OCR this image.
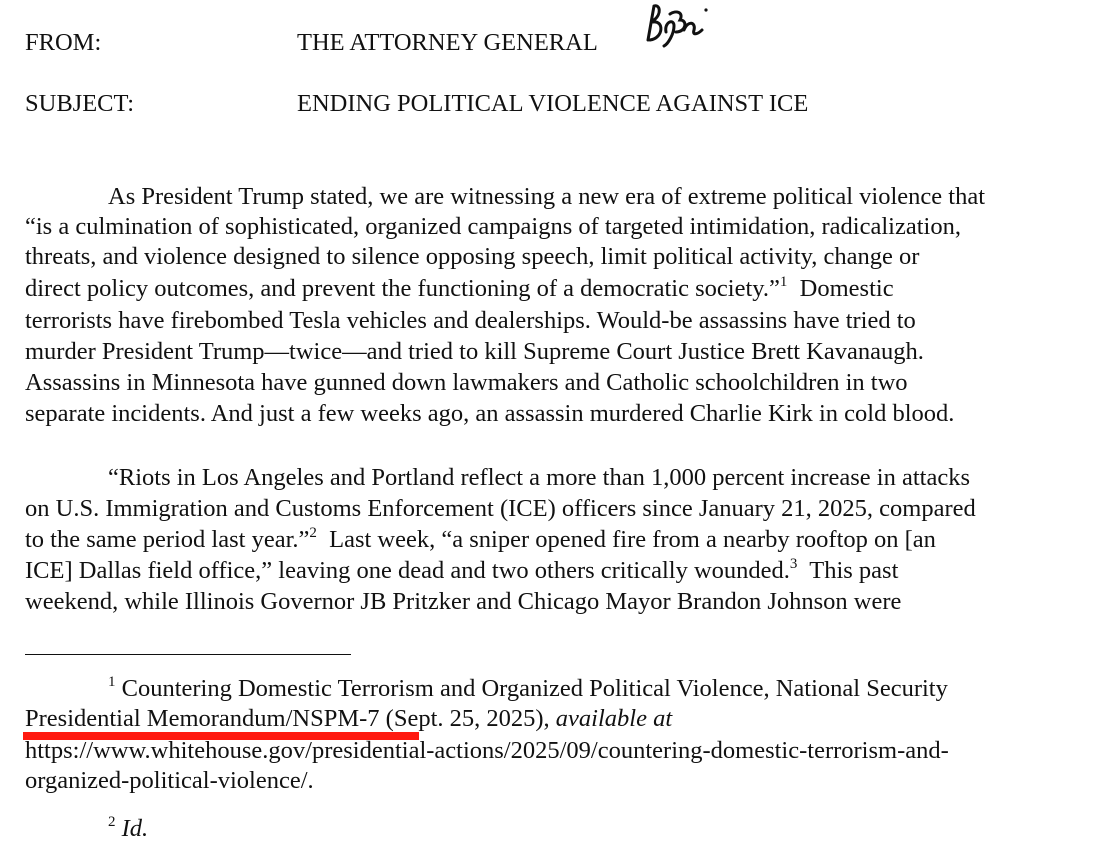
FROM:	THE ATTORNEY GENERAL
SUBJECT:	ENDING POLITICAL VIOLENCE AGAINST ICE
As President Trump stated, we are witnessing a new era of extreme political violence that
“is a culmination of sophisticated, organized campaigns of targeted intimidation, radicalization,
threats, and violence designed to silence opposing speech, limit political activity, change or
direct policy outcomes, and prevent the functioning of a democratic society.”$^1$  Domestic
terrorists have firebombed Tesla vehicles and dealerships. Would-be assassins have tried to
murder President Trump—twice—and tried to kill Supreme Court Justice Brett Kavanaugh.
Assassins in Minnesota have gunned down lawmakers and Catholic schoolchildren in two
separate incidents. And just a few weeks ago, an assassin murdered Charlie Kirk in cold blood.
“Riots in Los Angeles and Portland reflect a more than 1,000 percent increase in attacks
on U.S. Immigration and Customs Enforcement (ICE) officers since January 21, 2025, compared
to the same period last year.”$^2$  Last week, “a sniper opened fire from a nearby rooftop on [an
ICE] Dallas field office,” leaving one dead and two others critically wounded.$^3$  This past
weekend, while Illinois Governor JB Pritzker and Chicago Mayor Brandon Johnson were
$^1$ Countering Domestic Terrorism and Organized Political Violence, National Security
Presidential Memorandum/NSPM-7 (Sept. 25, 2025), available at
https://www.whitehouse.gov/presidential-actions/2025/09/countering-domestic-terrorism-and-
organized-political-violence/.
$^2$ Id.
